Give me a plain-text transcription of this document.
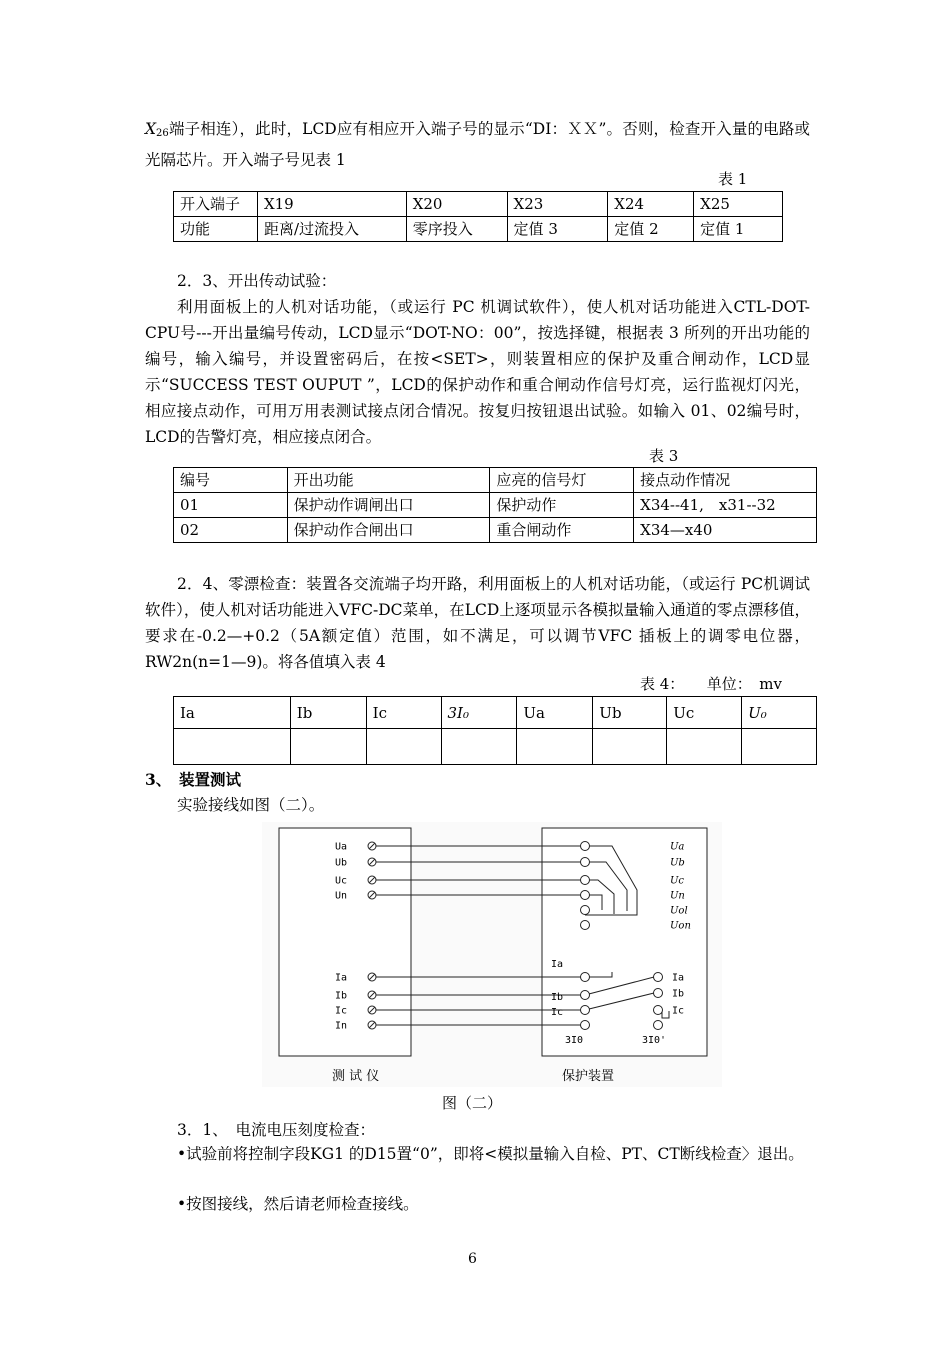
$X_{26}$端子相连），此时，LCD应有相应开入端子号的显示“DI：ＸＸ”。否则，检查开入量的电路或光隔芯片。开入端子号见表 1

表 1
开入端子	X19	X20	X23	X24	X25
功能	距离/过流投入	零序投入	定值 3	定值 2	定值 1

2．3、开出传动试验：

利用面板上的人机对话功能，（或运行 PC 机调试软件），使人机对话功能进入CTL-DOT-CPU号---开出量编号传动，LCD显示“DOT-NO：00”，按选择键，根据表 3 所列的开出功能的编号，输入编号，并设置密码后，在按<SET>，则装置相应的保护及重合闸动作，LCD显示“SUCCESS TEST OUPUT ”，LCD的保护动作和重合闸动作信号灯亮，运行监视灯闪光，相应接点动作，可用万用表测试接点闭合情况。按复归按钮退出试验。如输入 01、02编号时，LCD的告警灯亮，相应接点闭合。

表 3
编号	开出功能	应亮的信号灯	接点动作情况
01	保护动作调闸出口	保护动作	X34--41,　x31--32
02	保护动作合闸出口	重合闸动作	X34—x40

2．4、零漂检查：装置各交流端子均开路，利用面板上的人机对话功能，（或运行 PC机调试软件），使人机对话功能进入VFC-DC菜单，在LCD上逐项显示各模拟量输入通道的零点漂移值，要求在-0.2—+0.2（5A额定值）范围，如不满足，可以调节VFC 插板上的调零电位器，RW2n(n=1—9)。将各值填入表 4

表 4：　　单位：　mv
Ia	Ib	Ic	3I₀	Ua	Ub	Uc	U₀

3、　装置测试

实验接线如图（二）。

Ua
Ub
Uc
Un
Ia
Ib
Ic
In
Ua
Ub
Uc
Un
Uol
Uon
Ia
Ib
Ic
Ia
Ib
Ic
测 试 仪	保护装置
3I0	3I0'
图（二）

3．1、　电流电压刻度检查：

•试验前将控制字段KG1 的D15置“0”，即将<模拟量输入自检、PT、CT断线检查〉退出。

•按图接线，然后请老师检查接线。

6
